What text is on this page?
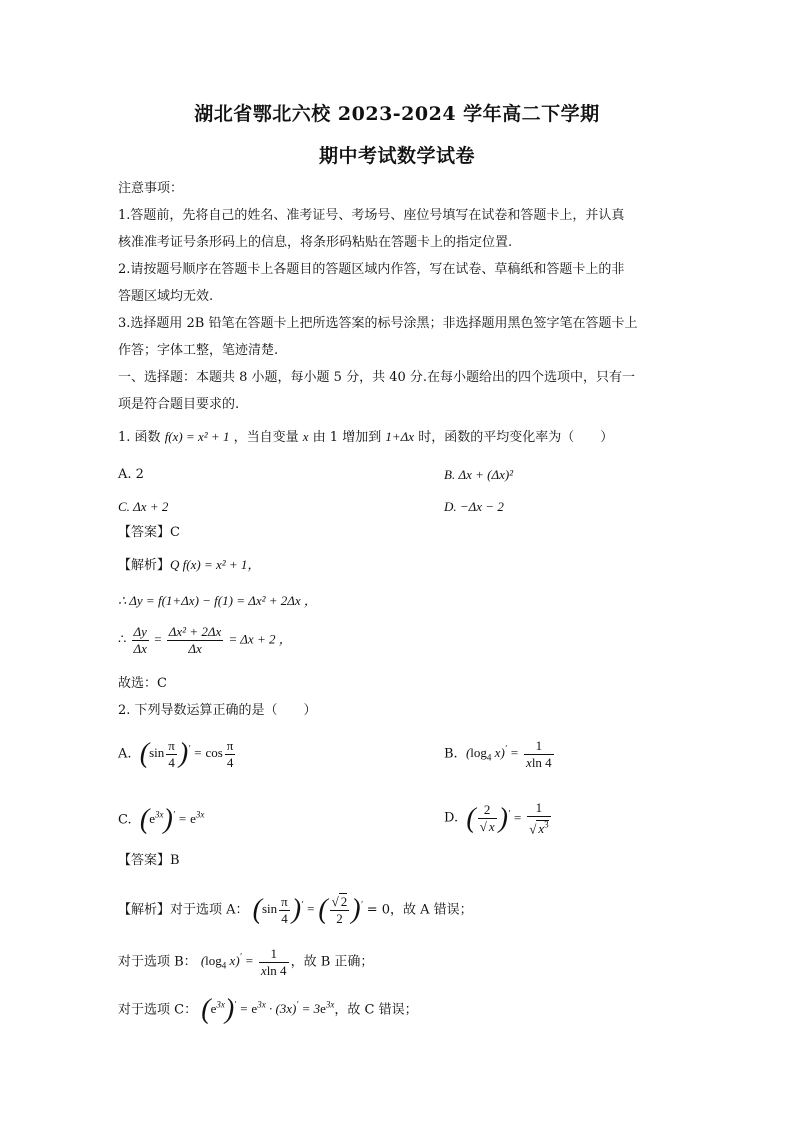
湖北省鄂北六校 2023-2024 学年高二下学期
期中考试数学试卷
注意事项：
1.答题前，先将自己的姓名、准考证号、考场号、座位号填写在试卷和答题卡上，并认真
核准准考证号条形码上的信息，将条形码粘贴在答题卡上的指定位置.
2.请按题号顺序在答题卡上各题目的答题区域内作答，写在试卷、草稿纸和答题卡上的非
答题区域均无效.
3.选择题用 2B 铅笔在答题卡上把所选答案的标号涂黑；非选择题用黑色签字笔在答题卡上
作答；字体工整，笔迹清楚.
一、选择题：本题共 8 小题，每小题 5 分，共 40 分.在每小题给出的四个选项中，只有一
项是符合题目要求的.
1. 函数 f(x) = x² + 1 ，当自变量 x 由 1 增加到 1+Δx 时，函数的平均变化率为（　　）
A. 2	B. Δx + (Δx)²
C. Δx + 2	D. −Δx − 2
【答案】C
【解析】Q f(x) = x² + 1，
∴ Δy = f(1+Δx) − f(1) = Δx² + 2Δx ，
∴ $\frac{\Delta y}{\Delta x} = \frac{\text{Δx² + 2Δx}}{\Delta x} = \Delta x + 2$ ，
故选：C
2. 下列导数运算正确的是（　　）
A. $(\sin \frac{\pi}{4} )' = \cos \frac{\pi}{4}$	B. ($\log_4$ $x)' = \frac{1}{xln 4}$
C. $(e^{3x})' = e^{3x}$	D. ( $\frac{2}{√ x} )' = \frac{1}{√ x^3}$
【答案】B
【解析】对于选项 A： $(\sin \frac{\pi}{4} )'$ = ( $\frac{√ 2}{2} )' = 0$，故 A 错误；
对于选项 B： ($\log_4$ $x)' = \frac{1}{xln 4}$ ，故 B 正确；
对于选项 C： $(e^{3x})' = e^{3x} \cdot (3x)' = 3e^{3x}$，故 C 错误；
